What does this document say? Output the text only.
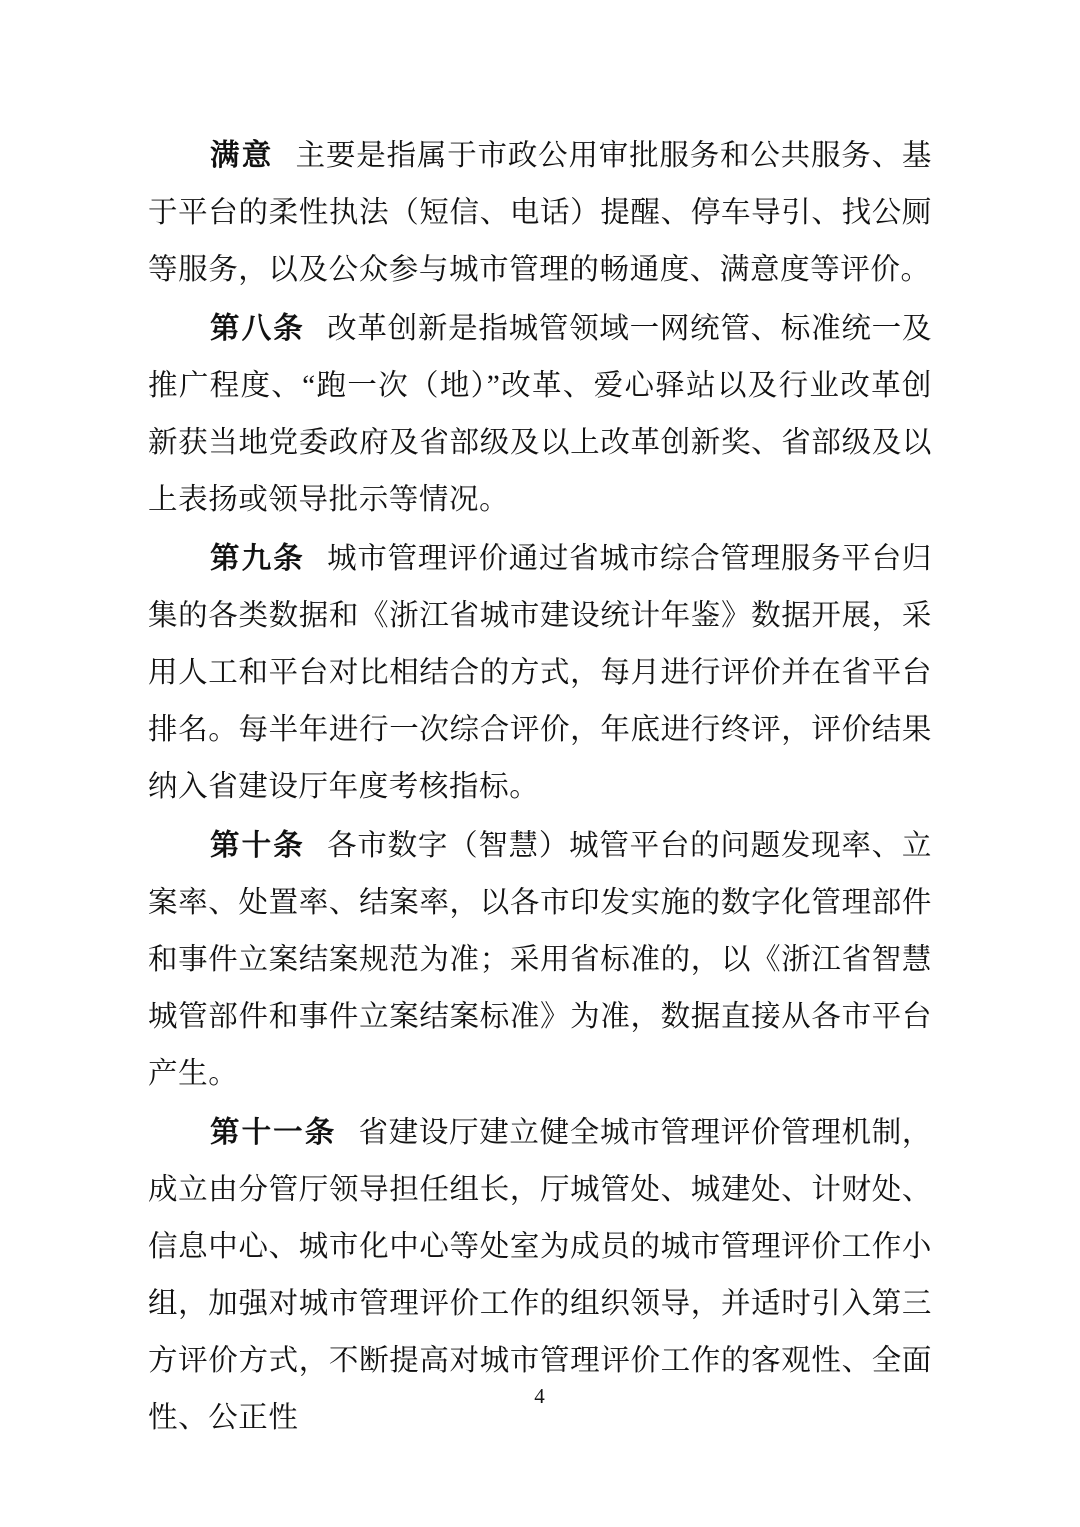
满意 主要是指属于市政公用审批服务和公共服务、基于平台的柔性执法（短信、电话）提醒、停车导引、找公厕等服务，以及公众参与城市管理的畅通度、满意度等评价。

第八条 改革创新是指城管领域一网统管、标准统一及推广程度、“跑一次（地）”改革、爱心驿站以及行业改革创新获当地党委政府及省部级及以上改革创新奖、省部级及以上表扬或领导批示等情况。

第九条 城市管理评价通过省城市综合管理服务平台归集的各类数据和《浙江省城市建设统计年鉴》数据开展，采用人工和平台对比相结合的方式，每月进行评价并在省平台排名。每半年进行一次综合评价，年底进行终评，评价结果纳入省建设厅年度考核指标。

第十条 各市数字（智慧）城管平台的问题发现率、立案率、处置率、结案率，以各市印发实施的数字化管理部件和事件立案结案规范为准；采用省标准的，以《浙江省智慧城管部件和事件立案结案标准》为准，数据直接从各市平台产生。

第十一条 省建设厅建立健全城市管理评价管理机制，成立由分管厅领导担任组长，厅城管处、城建处、计财处、信息中心、城市化中心等处室为成员的城市管理评价工作小组，加强对城市管理评价工作的组织领导，并适时引入第三方评价方式，不断提高对城市管理评价工作的客观性、全面性、公正性

4
